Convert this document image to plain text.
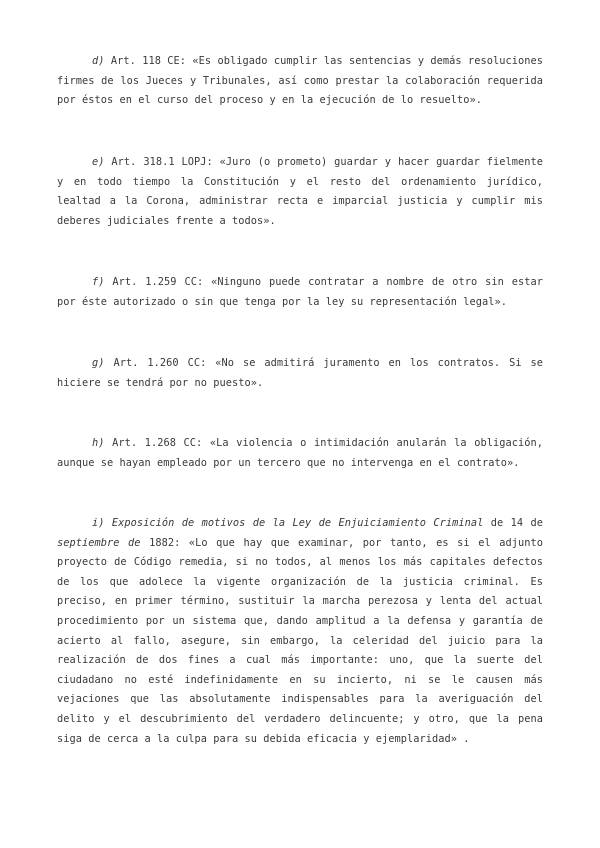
d) Art. 118 CE: «Es obligado cumplir las sentencias y demás resoluciones firmes de los Jueces y Tribunales, así como prestar la colaboración requerida por éstos en el curso del proceso y en la ejecución de lo resuelto».

e) Art. 318.1 LOPJ: «Juro (o prometo) guardar y hacer guardar fielmente y en todo tiempo la Constitución y el resto del ordenamiento jurídico, lealtad a la Corona, administrar recta e imparcial justicia y cumplir mis deberes judiciales frente a todos».

f) Art. 1.259 CC: «Ninguno puede contratar a nombre de otro sin estar por éste autorizado o sin que tenga por la ley su representación legal».

g) Art. 1.260 CC: «No se admitirá juramento en los contratos. Si se hiciere se tendrá por no puesto».

h) Art. 1.268 CC: «La violencia o intimidación anularán la obligación, aunque se hayan empleado por un tercero que no intervenga en el contrato».

i) Exposición de motivos de la Ley de Enjuiciamiento Criminal de 14 de septiembre de 1882: «Lo que hay que examinar, por tanto, es si el adjunto proyecto de Código remedia, si no todos, al menos los más capitales defectos de los que adolece la vigente organización de la justicia criminal. Es preciso, en primer término, sustituir la marcha perezosa y lenta del actual procedimiento por un sistema que, dando amplitud a la defensa y garantía de acierto al fallo, asegure, sin embargo, la celeridad del juicio para la realización de dos fines a cual más importante: uno, que la suerte del ciudadano no esté indefinidamente en su incierto, ni se le causen más vejaciones que las absolutamente indispensables para la averiguación del delito y el descubrimiento del verdadero delincuente; y otro, que la pena siga de cerca a la culpa para su debida eficacia y ejemplaridad» .
